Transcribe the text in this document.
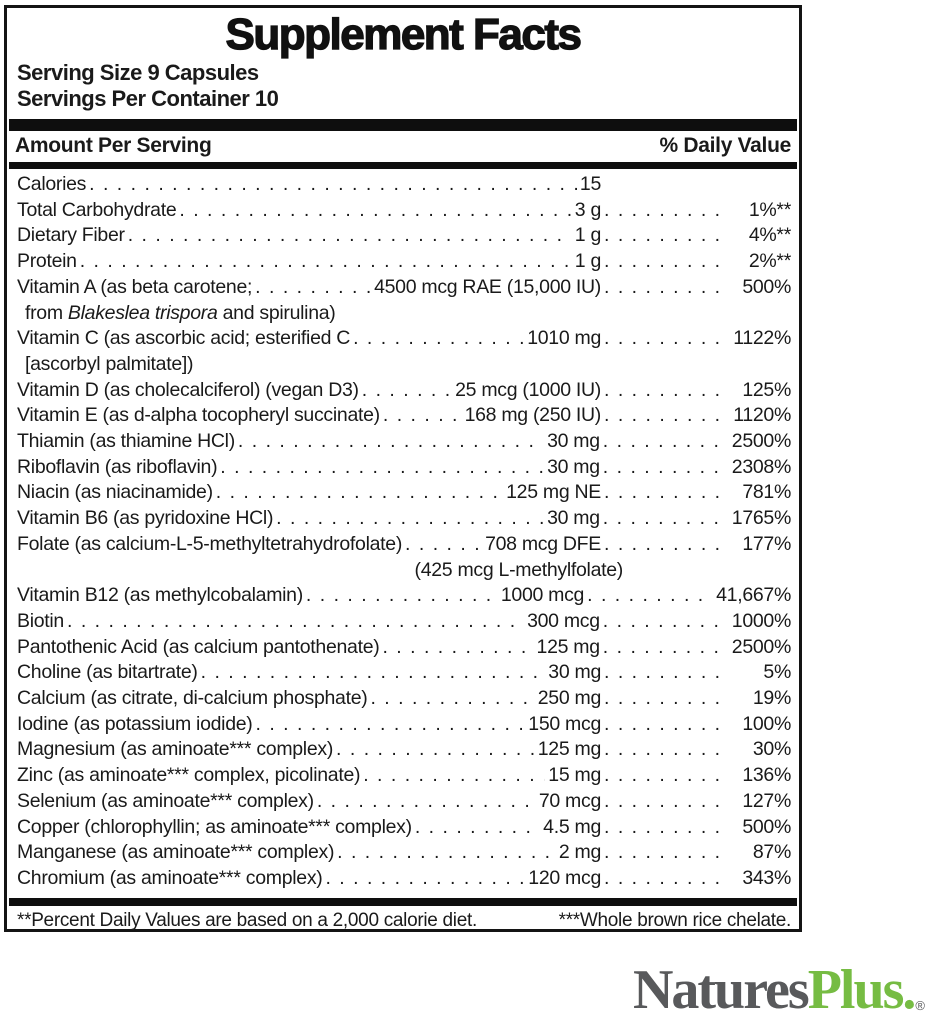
Supplement Facts
Serving Size 9 Capsules
Servings Per Container 10
Amount Per Serving	% Daily Value
Calories . . .	15
Total Carbohydrate . . .	3 g . . .	1%**
Dietary Fiber . . .	1 g . . .	4%**
Protein . . .	1 g . . .	2%**
Vitamin A (as beta carotene; . . .	4500 mcg RAE (15,000 IU) . . .	500%
from Blakeslea trispora and spirulina)
Vitamin C (as ascorbic acid; esterified C . . .	1010 mg . . .	1122%
[ascorbyl palmitate])
Vitamin D (as cholecalciferol) (vegan D3) . . .	25 mcg (1000 IU) . . .	125%
Vitamin E (as d-alpha tocopheryl succinate) . . .	168 mg (250 IU) . . .	1120%
Thiamin (as thiamine HCl) . . .	30 mg . . .	2500%
Riboflavin (as riboflavin) . . .	30 mg . . .	2308%
Niacin (as niacinamide) . . .	125 mg NE . . .	781%
Vitamin B6 (as pyridoxine HCl) . . .	30 mg . . .	1765%
Folate (as calcium-L-5-methyltetrahydrofolate) . . .	708 mcg DFE . . .	177%
(425 mcg L-methylfolate)
Vitamin B12 (as methylcobalamin) . . .	1000 mcg . . .	41,667%
Biotin . . .	300 mcg . . .	1000%
Pantothenic Acid (as calcium pantothenate) . . .	125 mg . . .	2500%
Choline (as bitartrate) . . .	30 mg . . .	5%
Calcium (as citrate, di-calcium phosphate) . . .	250 mg . . .	19%
Iodine (as potassium iodide) . . .	150 mcg . . .	100%
Magnesium (as aminoate*** complex) . . .	125 mg . . .	30%
Zinc (as aminoate*** complex, picolinate) . . .	15 mg . . .	136%
Selenium (as aminoate*** complex) . . .	70 mcg . . .	127%
Copper (chlorophyllin; as aminoate*** complex) . . .	4.5 mg . . .	500%
Manganese (as aminoate*** complex) . . .	2 mg . . .	87%
Chromium (as aminoate*** complex) . . .	120 mcg . . .	343%
**Percent Daily Values are based on a 2,000 calorie diet.	***Whole brown rice chelate.
NaturesPlus.®
